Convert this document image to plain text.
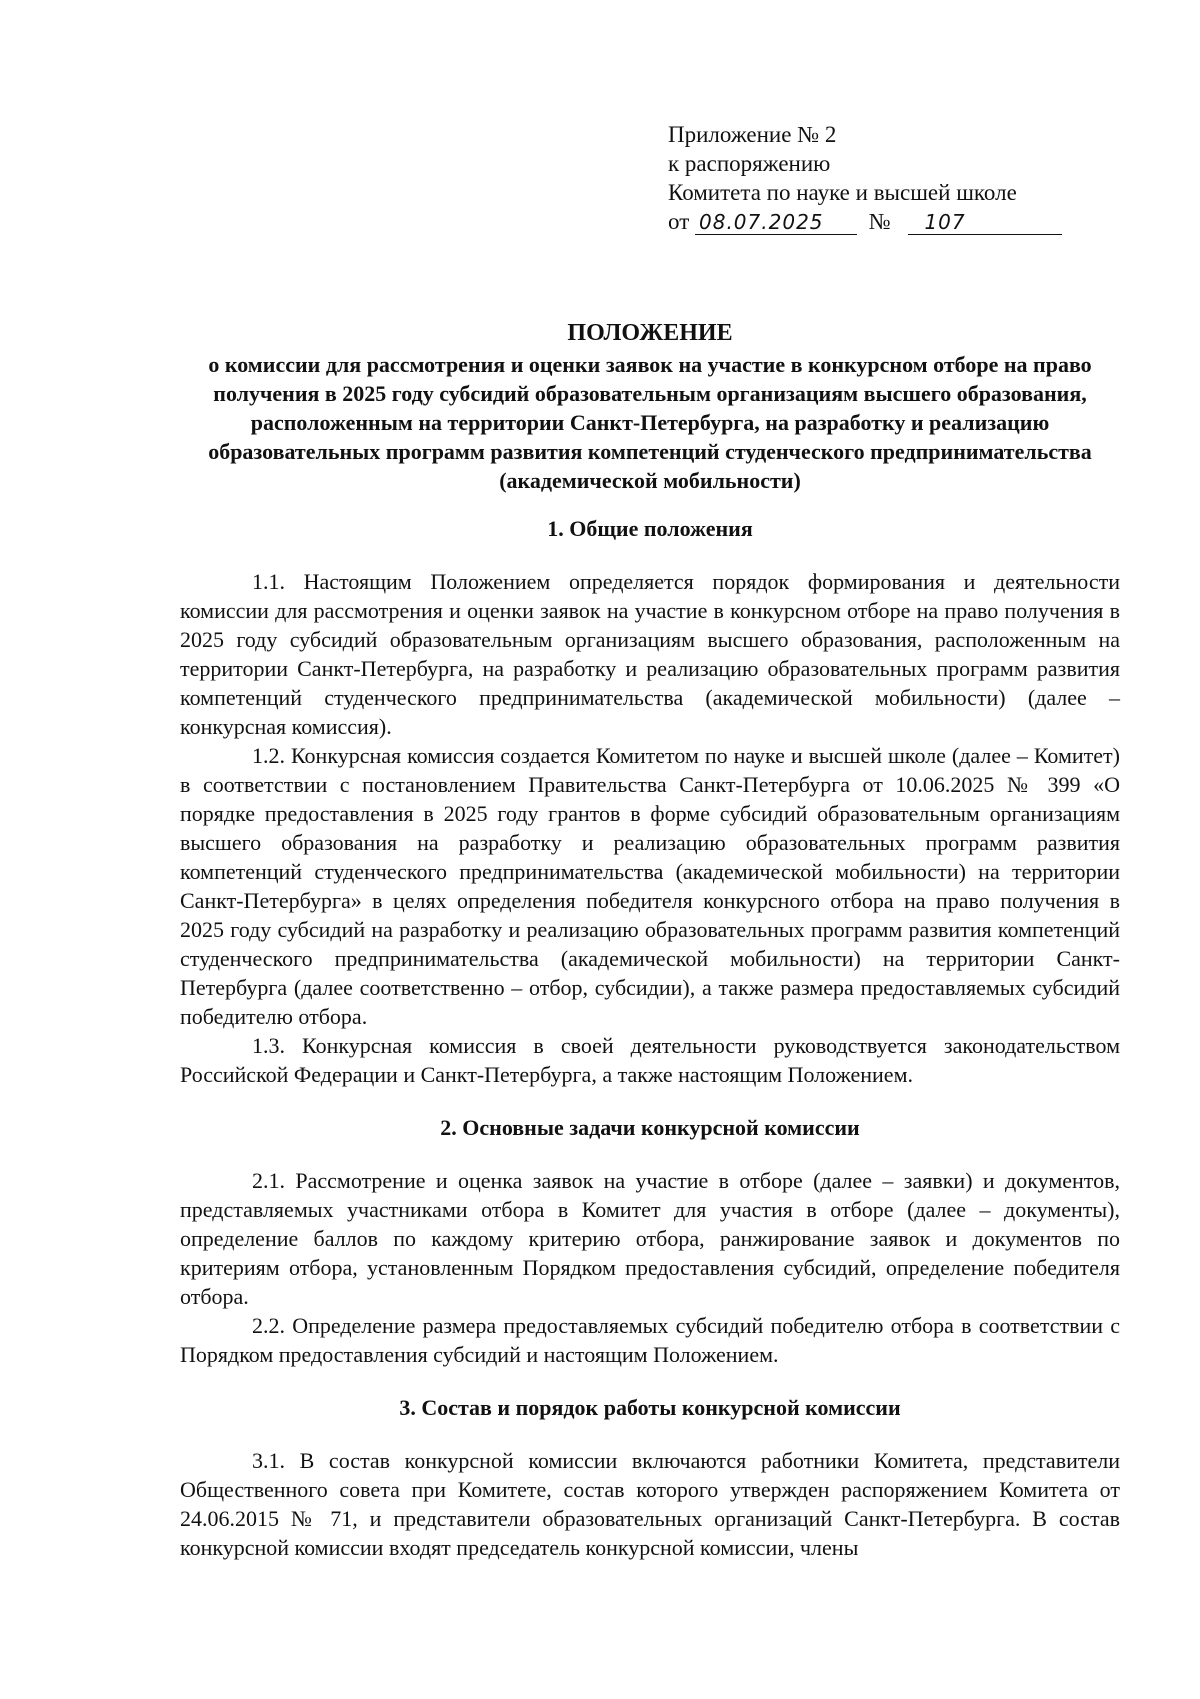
Приложение № 2
к распоряжению
Комитета по науке и высшей школе
от 08.07.2025 № 107
ПОЛОЖЕНИЕ
о комиссии для рассмотрения и оценки заявок на участие в конкурсном отборе на право получения в 2025 году субсидий образовательным организациям высшего образования, расположенным на территории Санкт-Петербурга, на разработку и реализацию образовательных программ развития компетенций студенческого предпринимательства (академической мобильности)
1. Общие положения

1.1. Настоящим Положением определяется порядок формирования и деятельности комиссии для рассмотрения и оценки заявок на участие в конкурсном отборе на право получения в 2025 году субсидий образовательным организациям высшего образования, расположенным на территории Санкт-Петербурга, на разработку и реализацию образовательных программ развития компетенций студенческого предпринимательства (академической мобильности) (далее – конкурсная комиссия).

1.2. Конкурсная комиссия создается Комитетом по науке и высшей школе (далее – Комитет) в соответствии с постановлением Правительства Санкт-Петербурга от 10.06.2025 № 399 «О порядке предоставления в 2025 году грантов в форме субсидий образовательным организациям высшего образования на разработку и реализацию образовательных программ развития компетенций студенческого предпринимательства (академической мобильности) на территории Санкт-Петербурга» в целях определения победителя конкурсного отбора на право получения в 2025 году субсидий на разработку и реализацию образовательных программ развития компетенций студенческого предпринимательства (академической мобильности) на территории Санкт-Петербурга (далее соответственно – отбор, субсидии), а также размера предоставляемых субсидий победителю отбора.

1.3. Конкурсная комиссия в своей деятельности руководствуется законодательством Российской Федерации и Санкт-Петербурга, а также настоящим Положением.

2. Основные задачи конкурсной комиссии

2.1. Рассмотрение и оценка заявок на участие в отборе (далее – заявки) и документов, представляемых участниками отбора в Комитет для участия в отборе (далее – документы), определение баллов по каждому критерию отбора, ранжирование заявок и документов по критериям отбора, установленным Порядком предоставления субсидий, определение победителя отбора.

2.2. Определение размера предоставляемых субсидий победителю отбора в соответствии с Порядком предоставления субсидий и настоящим Положением.

3. Состав и порядок работы конкурсной комиссии

3.1. В состав конкурсной комиссии включаются работники Комитета, представители Общественного совета при Комитете, состав которого утвержден распоряжением Комитета от 24.06.2015 № 71, и представители образовательных организаций Санкт-Петербурга. В состав конкурсной комиссии входят председатель конкурсной комиссии, члены
